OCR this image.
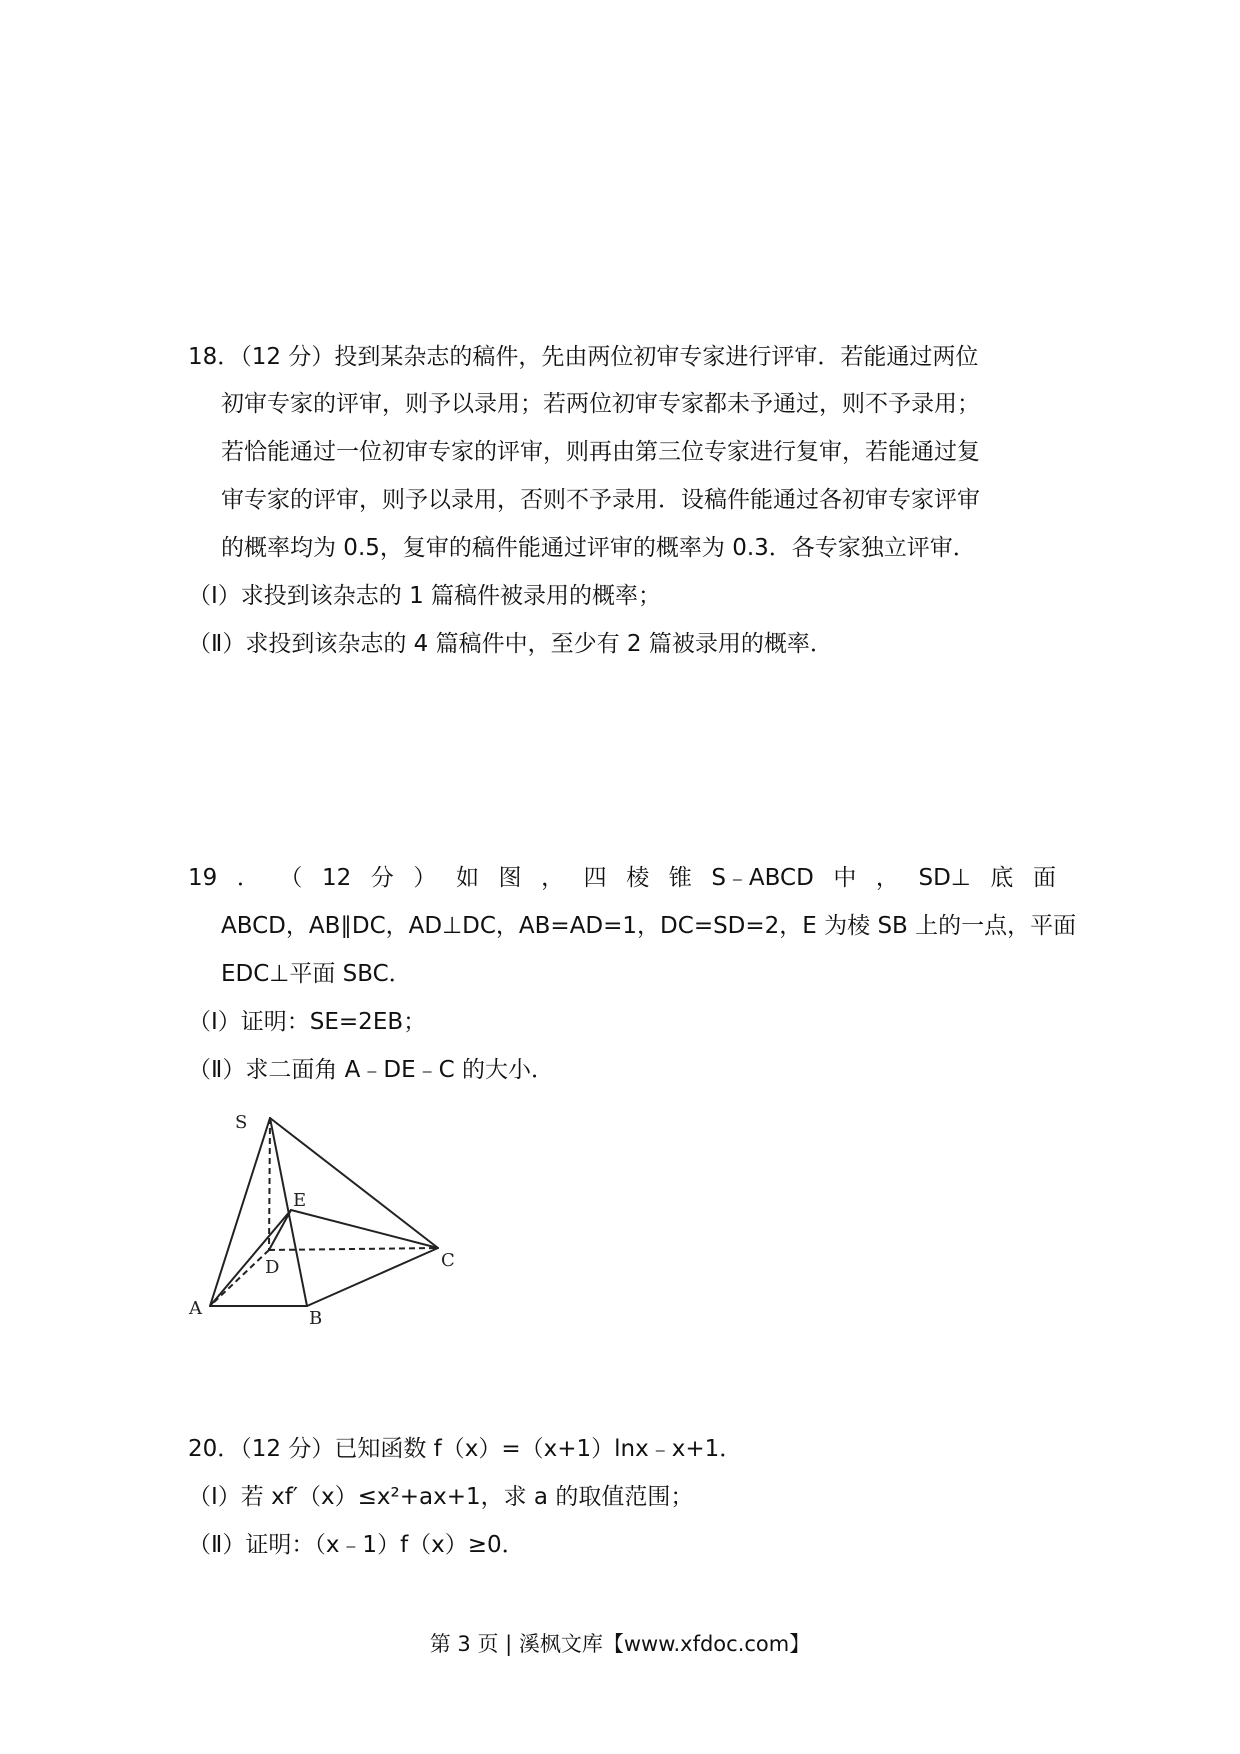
18．（12 分）投到某杂志的稿件，先由两位初审专家进行评审．若能通过两位
初审专家的评审，则予以录用；若两位初审专家都未予通过，则不予录用；
若恰能通过一位初审专家的评审，则再由第三位专家进行复审，若能通过复
审专家的评审，则予以录用，否则不予录用．设稿件能通过各初审专家评审
的概率均为 0.5，复审的稿件能通过评审的概率为 0.3．各专家独立评审．
（Ⅰ）求投到该杂志的 1 篇稿件被录用的概率；
（Ⅱ）求投到该杂志的 4 篇稿件中，至少有 2 篇被录用的概率．
19 ． （ 12 分 ） 如 图 ， 四 棱 锥 S﹣ABCD 中 ， SD⊥ 底 面
ABCD，AB∥DC，AD⊥DC，AB=AD=1，DC=SD=2，E 为棱 SB 上的一点，平面
EDC⊥平面 SBC．
（Ⅰ）证明：SE=2EB；
（Ⅱ）求二面角 A﹣DE﹣C 的大小．
S
E
D	C
A	B
20．（12 分）已知函数 f（x）=（x+1）lnx﹣x+1．
（Ⅰ）若 xf′（x）≤x²+ax+1，求 a 的取值范围；
（Ⅱ）证明：（x﹣1）f（x）≥0．
第 3 页 | 溪枫文库【www.xfdoc.com】
